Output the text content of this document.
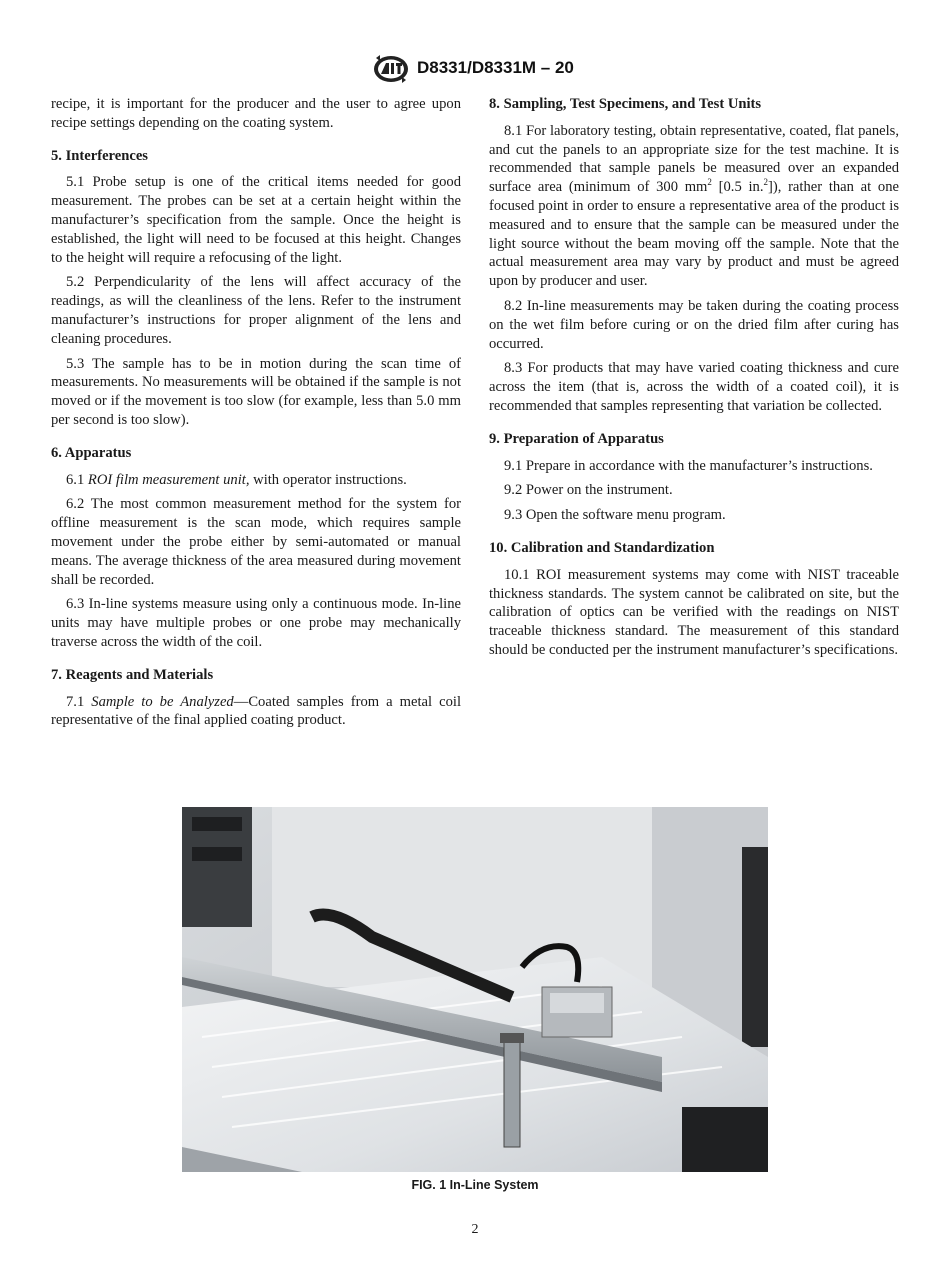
D8331/D8331M – 20

recipe, it is important for the producer and the user to agree upon recipe settings depending on the coating system.

5. Interferences

5.1 Probe setup is one of the critical items needed for good measurement. The probes can be set at a certain height within the manufacturer’s specification from the sample. Once the height is established, the light will need to be focused at this height. Changes to the height will require a refocusing of the light.

5.2 Perpendicularity of the lens will affect accuracy of the readings, as will the cleanliness of the lens. Refer to the instrument manufacturer’s instructions for proper alignment of the lens and cleaning procedures.

5.3 The sample has to be in motion during the scan time of measurements. No measurements will be obtained if the sample is not moved or if the movement is too slow (for example, less than 5.0 mm per second is too slow).

6. Apparatus

6.1 ROI film measurement unit, with operator instructions.

6.2 The most common measurement method for the system for offline measurement is the scan mode, which requires sample movement under the probe either by semi-automated or manual means. The average thickness of the area measured during movement shall be recorded.

6.3 In-line systems measure using only a continuous mode. In-line units may have multiple probes or one probe may mechanically traverse across the width of the coil.

7. Reagents and Materials

7.1 Sample to be Analyzed—Coated samples from a metal coil representative of the final applied coating product.

8. Sampling, Test Specimens, and Test Units

8.1 For laboratory testing, obtain representative, coated, flat panels, and cut the panels to an appropriate size for the test machine. It is recommended that sample panels be measured over an expanded surface area (minimum of 300 $mm^2$ [0.5 in.$^2$]), rather than at one focused point in order to ensure a representative area of the product is measured and to ensure that the sample can be measured under the light source without the beam moving off the sample. Note that the actual measurement area may vary by product and must be agreed upon by producer and user.

8.2 In-line measurements may be taken during the coating process on the wet film before curing or on the dried film after curing has occurred.

8.3 For products that may have varied coating thickness and cure across the item (that is, across the width of a coated coil), it is recommended that samples representing that variation be collected.

9. Preparation of Apparatus

9.1 Prepare in accordance with the manufacturer’s instructions.

9.2 Power on the instrument.

9.3 Open the software menu program.

10. Calibration and Standardization

10.1 ROI measurement systems may come with NIST traceable thickness standards. The system cannot be calibrated on site, but the calibration of optics can be verified with the readings on NIST traceable thickness standard. The measurement of this standard should be conducted per the instrument manufacturer’s specifications.

FIG. 1 In-Line System
2
